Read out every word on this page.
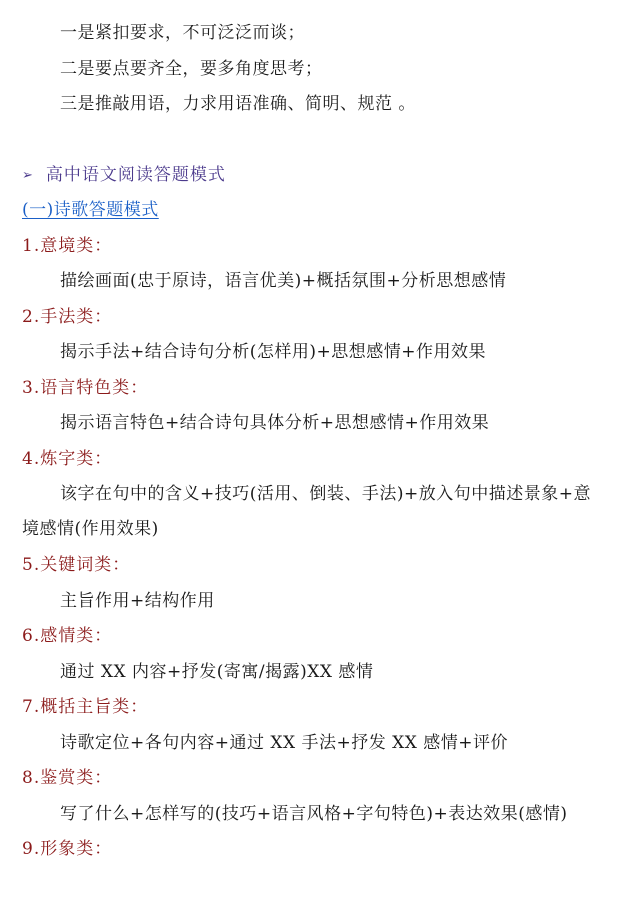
一是紧扣要求，不可泛泛而谈；
二是要点要齐全，要多角度思考；
三是推敲用语，力求用语准确、简明、规范 。
➢ 高中语文阅读答题模式
(一)诗歌答题模式
1.意境类：
描绘画面(忠于原诗，语言优美)+概括氛围+分析思想感情
2.手法类：
揭示手法+结合诗句分析(怎样用)+思想感情+作用效果
3.语言特色类：
揭示语言特色+结合诗句具体分析+思想感情+作用效果
4.炼字类：
该字在句中的含义+技巧(活用、倒装、手法)+放入句中描述景象+意
境感情(作用效果)
5.关键词类：
主旨作用+结构作用
6.感情类：
通过 XX 内容+抒发(寄寓/揭露)XX 感情
7.概括主旨类：
诗歌定位+各句内容+通过 XX 手法+抒发 XX 感情+评价
8.鉴赏类：
写了什么+怎样写的(技巧+语言风格+字句特色)+表达效果(感情)
9.形象类：
